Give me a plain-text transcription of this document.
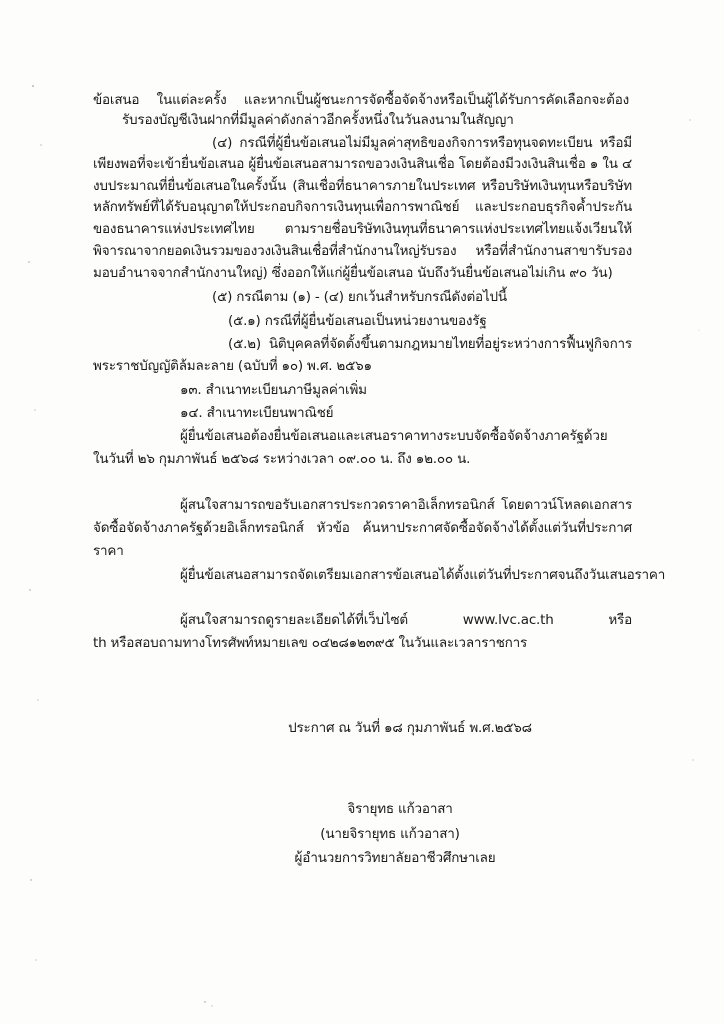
ข้อเสนอ ในแต่ละครั้ง และหากเป็นผู้ชนะการจัดซื้อจัดจ้างหรือเป็นผู้ได้รับการคัดเลือกจะต้อง
รับรองบัญชีเงินฝากที่มีมูลค่าดังกล่าวอีกครั้งหนึ่งในวันลงนามในสัญญา
(๔) กรณีที่ผู้ยื่นข้อเสนอไม่มีมูลค่าสุทธิของกิจการหรือทุนจดทะเบียน หรือมี
เพียงพอที่จะเข้ายื่นข้อเสนอ ผู้ยื่นข้อเสนอสามารถขอวงเงินสินเชื่อ โดยต้องมีวงเงินสินเชื่อ ๑ ใน ๔
งบประมาณที่ยื่นข้อเสนอในครั้งนั้น (สินเชื่อที่ธนาคารภายในประเทศ หรือบริษัทเงินทุนหรือบริษัท
หลักทรัพย์ที่ได้รับอนุญาตให้ประกอบกิจการเงินทุนเพื่อการพาณิชย์ และประกอบธุรกิจค้ำประกัน
ของธนาคารแห่งประเทศไทย ตามรายชื่อบริษัทเงินทุนที่ธนาคารแห่งประเทศไทยแจ้งเวียนให้
พิจารณาจากยอดเงินรวมของวงเงินสินเชื่อที่สำนักงานใหญ่รับรอง หรือที่สำนักงานสาขารับรอง
มอบอำนาจจากสำนักงานใหญ่) ซึ่งออกให้แก่ผู้ยื่นข้อเสนอ นับถึงวันยื่นข้อเสนอไม่เกิน ๙๐ วัน)
(๕) กรณีตาม (๑) - (๔) ยกเว้นสำหรับกรณีดังต่อไปนี้
(๕.๑) กรณีที่ผู้ยื่นข้อเสนอเป็นหน่วยงานของรัฐ
(๕.๒) นิติบุคคลที่จัดตั้งขึ้นตามกฎหมายไทยที่อยู่ระหว่างการฟื้นฟูกิจการ
พระราชบัญญัติล้มละลาย (ฉบับที่ ๑๐) พ.ศ. ๒๕๖๑
๑๓. สำเนาทะเบียนภาษีมูลค่าเพิ่ม
๑๔. สำเนาทะเบียนพาณิชย์
ผู้ยื่นข้อเสนอต้องยื่นข้อเสนอและเสนอราคาทางระบบจัดซื้อจัดจ้างภาครัฐด้วย
ในวันที่ ๒๖ กุมภาพันธ์ ๒๕๖๘ ระหว่างเวลา ๐๙.๐๐ น. ถึง ๑๒.๐๐ น.
ผู้สนใจสามารถขอรับเอกสารประกวดราคาอิเล็กทรอนิกส์ โดยดาวน์โหลดเอกสาร
จัดซื้อจัดจ้างภาครัฐด้วยอิเล็กทรอนิกส์ หัวข้อ ค้นหาประกาศจัดซื้อจัดจ้างได้ตั้งแต่วันที่ประกาศ
ราคา
ผู้ยื่นข้อเสนอสามารถจัดเตรียมเอกสารข้อเสนอได้ตั้งแต่วันที่ประกาศจนถึงวันเสนอราคา
ผู้สนใจสามารถดูรายละเอียดได้ที่เว็บไซต์ www.lvc.ac.th หรือ
th หรือสอบถามทางโทรศัพท์หมายเลข ๐๔๒๘๑๒๓๙๕ ในวันและเวลาราชการ
ประกาศ ณ วันที่ ๑๘ กุมภาพันธ์ พ.ศ.๒๕๖๘
จิรายุทธ แก้วอาสา
(นายจิรายุทธ แก้วอาสา)
ผู้อำนวยการวิทยาลัยอาชีวศึกษาเลย
